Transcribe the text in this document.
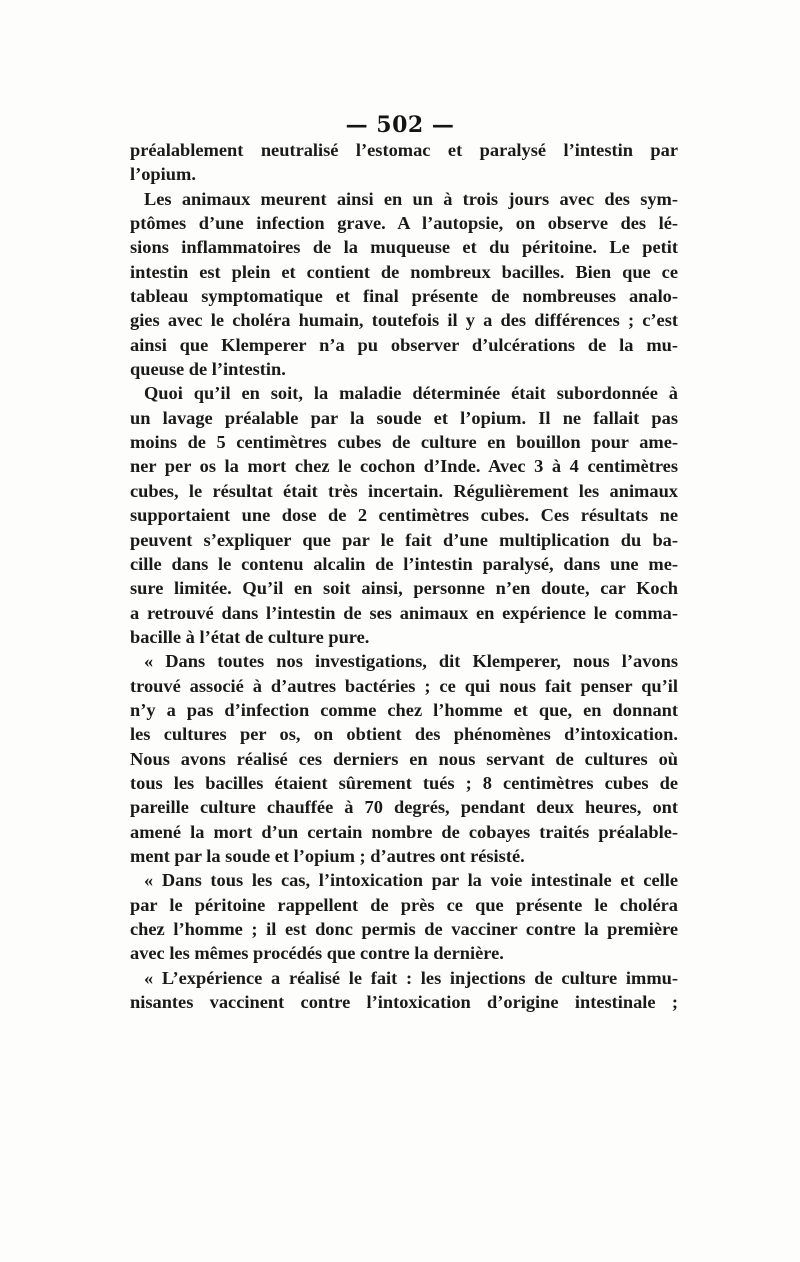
— 502 —
préalablement neutralisé l’estomac et paralysé l’intestin par
l’opium.
Les animaux meurent ainsi en un à trois jours avec des sym-
ptômes d’une infection grave. A l’autopsie, on observe des lé-
sions inflammatoires de la muqueuse et du péritoine. Le petit
intestin est plein et contient de nombreux bacilles. Bien que ce
tableau symptomatique et final présente de nombreuses analo-
gies avec le choléra humain, toutefois il y a des différences ; c’est
ainsi que Klemperer n’a pu observer d’ulcérations de la mu-
queuse de l’intestin.
Quoi qu’il en soit, la maladie déterminée était subordonnée à
un lavage préalable par la soude et l’opium. Il ne fallait pas
moins de 5 centimètres cubes de culture en bouillon pour ame-
ner per os la mort chez le cochon d’Inde. Avec 3 à 4 centimètres
cubes, le résultat était très incertain. Régulièrement les animaux
supportaient une dose de 2 centimètres cubes. Ces résultats ne
peuvent s’expliquer que par le fait d’une multiplication du ba-
cille dans le contenu alcalin de l’intestin paralysé, dans une me-
sure limitée. Qu’il en soit ainsi, personne n’en doute, car Koch
a retrouvé dans l’intestin de ses animaux en expérience le comma-
bacille à l’état de culture pure.
« Dans toutes nos investigations, dit Klemperer, nous l’avons
trouvé associé à d’autres bactéries ; ce qui nous fait penser qu’il
n’y a pas d’infection comme chez l’homme et que, en donnant
les cultures per os, on obtient des phénomènes d’intoxication.
Nous avons réalisé ces derniers en nous servant de cultures où
tous les bacilles étaient sûrement tués ; 8 centimètres cubes de
pareille culture chauffée à 70 degrés, pendant deux heures, ont
amené la mort d’un certain nombre de cobayes traités préalable-
ment par la soude et l’opium ; d’autres ont résisté.
« Dans tous les cas, l’intoxication par la voie intestinale et celle
par le péritoine rappellent de près ce que présente le choléra
chez l’homme ; il est donc permis de vacciner contre la première
avec les mêmes procédés que contre la dernière.
« L’expérience a réalisé le fait : les injections de culture immu-
nisantes vaccinent contre l’intoxication d’origine intestinale ;
